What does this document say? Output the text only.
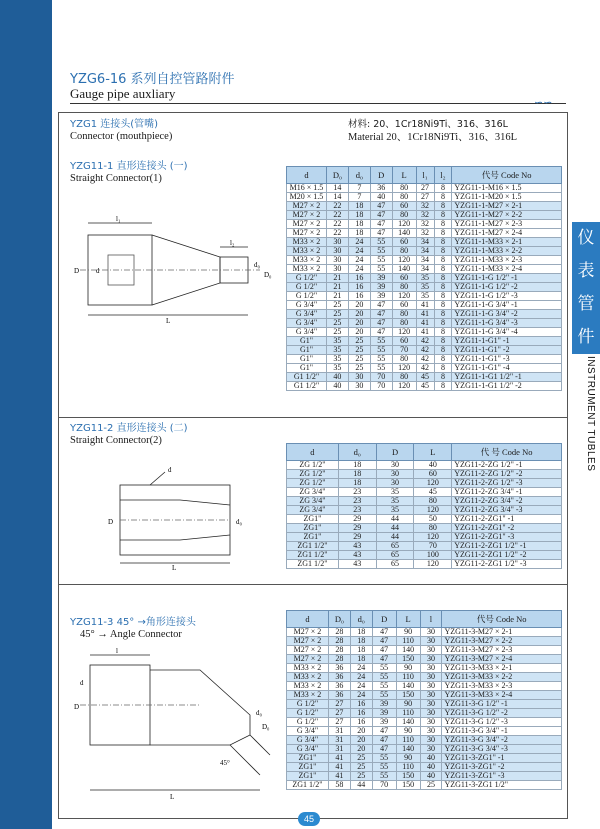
YZG6-16 系列自控管路附件
Gauge pipe auxliary
∽∽
仪
表
管
件
INSTRUMENT TUBLES
YZG1 连接头(管嘴)
Connector (mouthpiece)
材料: 20、1Cr18Ni9Ti、316、316L
Material 20、1Cr18Ni9Ti、316、316L
YZG11-1 直形连接头 (一)
Straight Connector(1)
l₁
l₂
D d
d₀
D₀
L
d	D₀	d₀	D	L	l₁	l₂	代号 Code No
M16 × 1.5	14	7	36	80	27	8	YZG11-1-M16 × 1.5
M20 × 1.5	14	7	40	80	27	8	YZG11-1-M20 × 1.5
M27 × 2	22	18	47	60	32	8	YZG11-1-M27 × 2-1
M27 × 2	22	18	47	80	32	8	YZG11-1-M27 × 2-2
M27 × 2	22	18	47	120	32	8	YZG11-1-M27 × 2-3
M27 × 2	22	18	47	140	32	8	YZG11-1-M27 × 2-4
M33 × 2	30	24	55	60	34	8	YZG11-1-M33 × 2-1
M33 × 2	30	24	55	80	34	8	YZG11-1-M33 × 2-2
M33 × 2	30	24	55	120	34	8	YZG11-1-M33 × 2-3
M33 × 2	30	24	55	140	34	8	YZG11-1-M33 × 2-4
G 1/2"	21	16	39	60	35	8	YZG11-1-G 1/2" -1
G 1/2"	21	16	39	80	35	8	YZG11-1-G 1/2" -2
G 1/2"	21	16	39	120	35	8	YZG11-1-G 1/2" -3
G 3/4"	25	20	47	60	41	8	YZG11-1-G 3/4" -1
G 3/4"	25	20	47	80	41	8	YZG11-1-G 3/4" -2
G 3/4"	25	20	47	80	41	8	YZG11-1-G 3/4" -3
G 3/4"	25	20	47	120	41	8	YZG11-1-G 3/4" -4
G1"	35	25	55	60	42	8	YZG11-1-G1" -1
G1"	35	25	55	70	42	8	YZG11-1-G1" -2
G1"	35	25	55	80	42	8	YZG11-1-G1" -3
G1"	35	25	55	120	42	8	YZG11-1-G1" -4
G1 1/2"	40	30	70	80	45	8	YZG11-1-G1 1/2" -1
G1 1/2"	40	30	70	120	45	8	YZG11-1-G1 1/2" -2
YZG11-2 直形连接头 (二)
Straight Connector(2)
d
D	d₀
L
d	d₀	D	L	代 号 Code No
ZG 1/2"	18	30	40	YZG11-2-ZG 1/2" -1
ZG 1/2"	18	30	60	YZG11-2-ZG 1/2" -2
ZG 1/2"	18	30	120	YZG11-2-ZG 1/2" -3
ZG 3/4"	23	35	45	YZG11-2-ZG 3/4" -1
ZG 3/4"	23	35	80	YZG11-2-ZG 3/4" -2
ZG 3/4"	23	35	120	YZG11-2-ZG 3/4" -3
ZG1"	29	44	50	YZG11-2-ZG1" -1
ZG1"	29	44	80	YZG11-2-ZG1" -2
ZG1"	29	44	120	YZG11-2-ZG1" -3
ZG1 1/2"	43	65	70	YZG11-2-ZG1 1/2" -1
ZG1 1/2"	43	65	100	YZG11-2-ZG1 1/2" -2
ZG1 1/2"	43	65	120	YZG11-2-ZG1 1/2" -3
YZG11-3 45° →角形连接头
45° → Angle Connector
l
d
D
d₀
D₀
L
45°
d	D₀	d₀	D	L	l	代号 Code No
M27 × 2	28	18	47	90	30	YZG11-3-M27 × 2-1
M27 × 2	28	18	47	110	30	YZG11-3-M27 × 2-2
M27 × 2	28	18	47	140	30	YZG11-3-M27 × 2-3
M27 × 2	28	18	47	150	30	YZG11-3-M27 × 2-4
M33 × 2	36	24	55	90	30	YZG11-3-M33 × 2-1
M33 × 2	36	24	55	110	30	YZG11-3-M33 × 2-2
M33 × 2	36	24	55	140	30	YZG11-3-M33 × 2-3
M33 × 2	36	24	55	150	30	YZG11-3-M33 × 2-4
G 1/2"	27	16	39	90	30	YZG11-3-G 1/2" -1
G 1/2"	27	16	39	110	30	YZG11-3-G 1/2" -2
G 1/2"	27	16	39	140	30	YZG11-3-G 1/2" -3
G 3/4"	31	20	47	90	30	YZG11-3-G 3/4" -1
G 3/4"	31	20	47	110	30	YZG11-3-G 3/4" -2
G 3/4"	31	20	47	140	30	YZG11-3-G 3/4" -3
ZG1"	41	25	55	90	40	YZG11-3-ZG1" -1
ZG1"	41	25	55	110	40	YZG11-3-ZG1" -2
ZG1"	41	25	55	150	40	YZG11-3-ZG1" -3
ZG1 1/2"	58	44	70	150	25	YZG11-3-ZG1 1/2"
45
